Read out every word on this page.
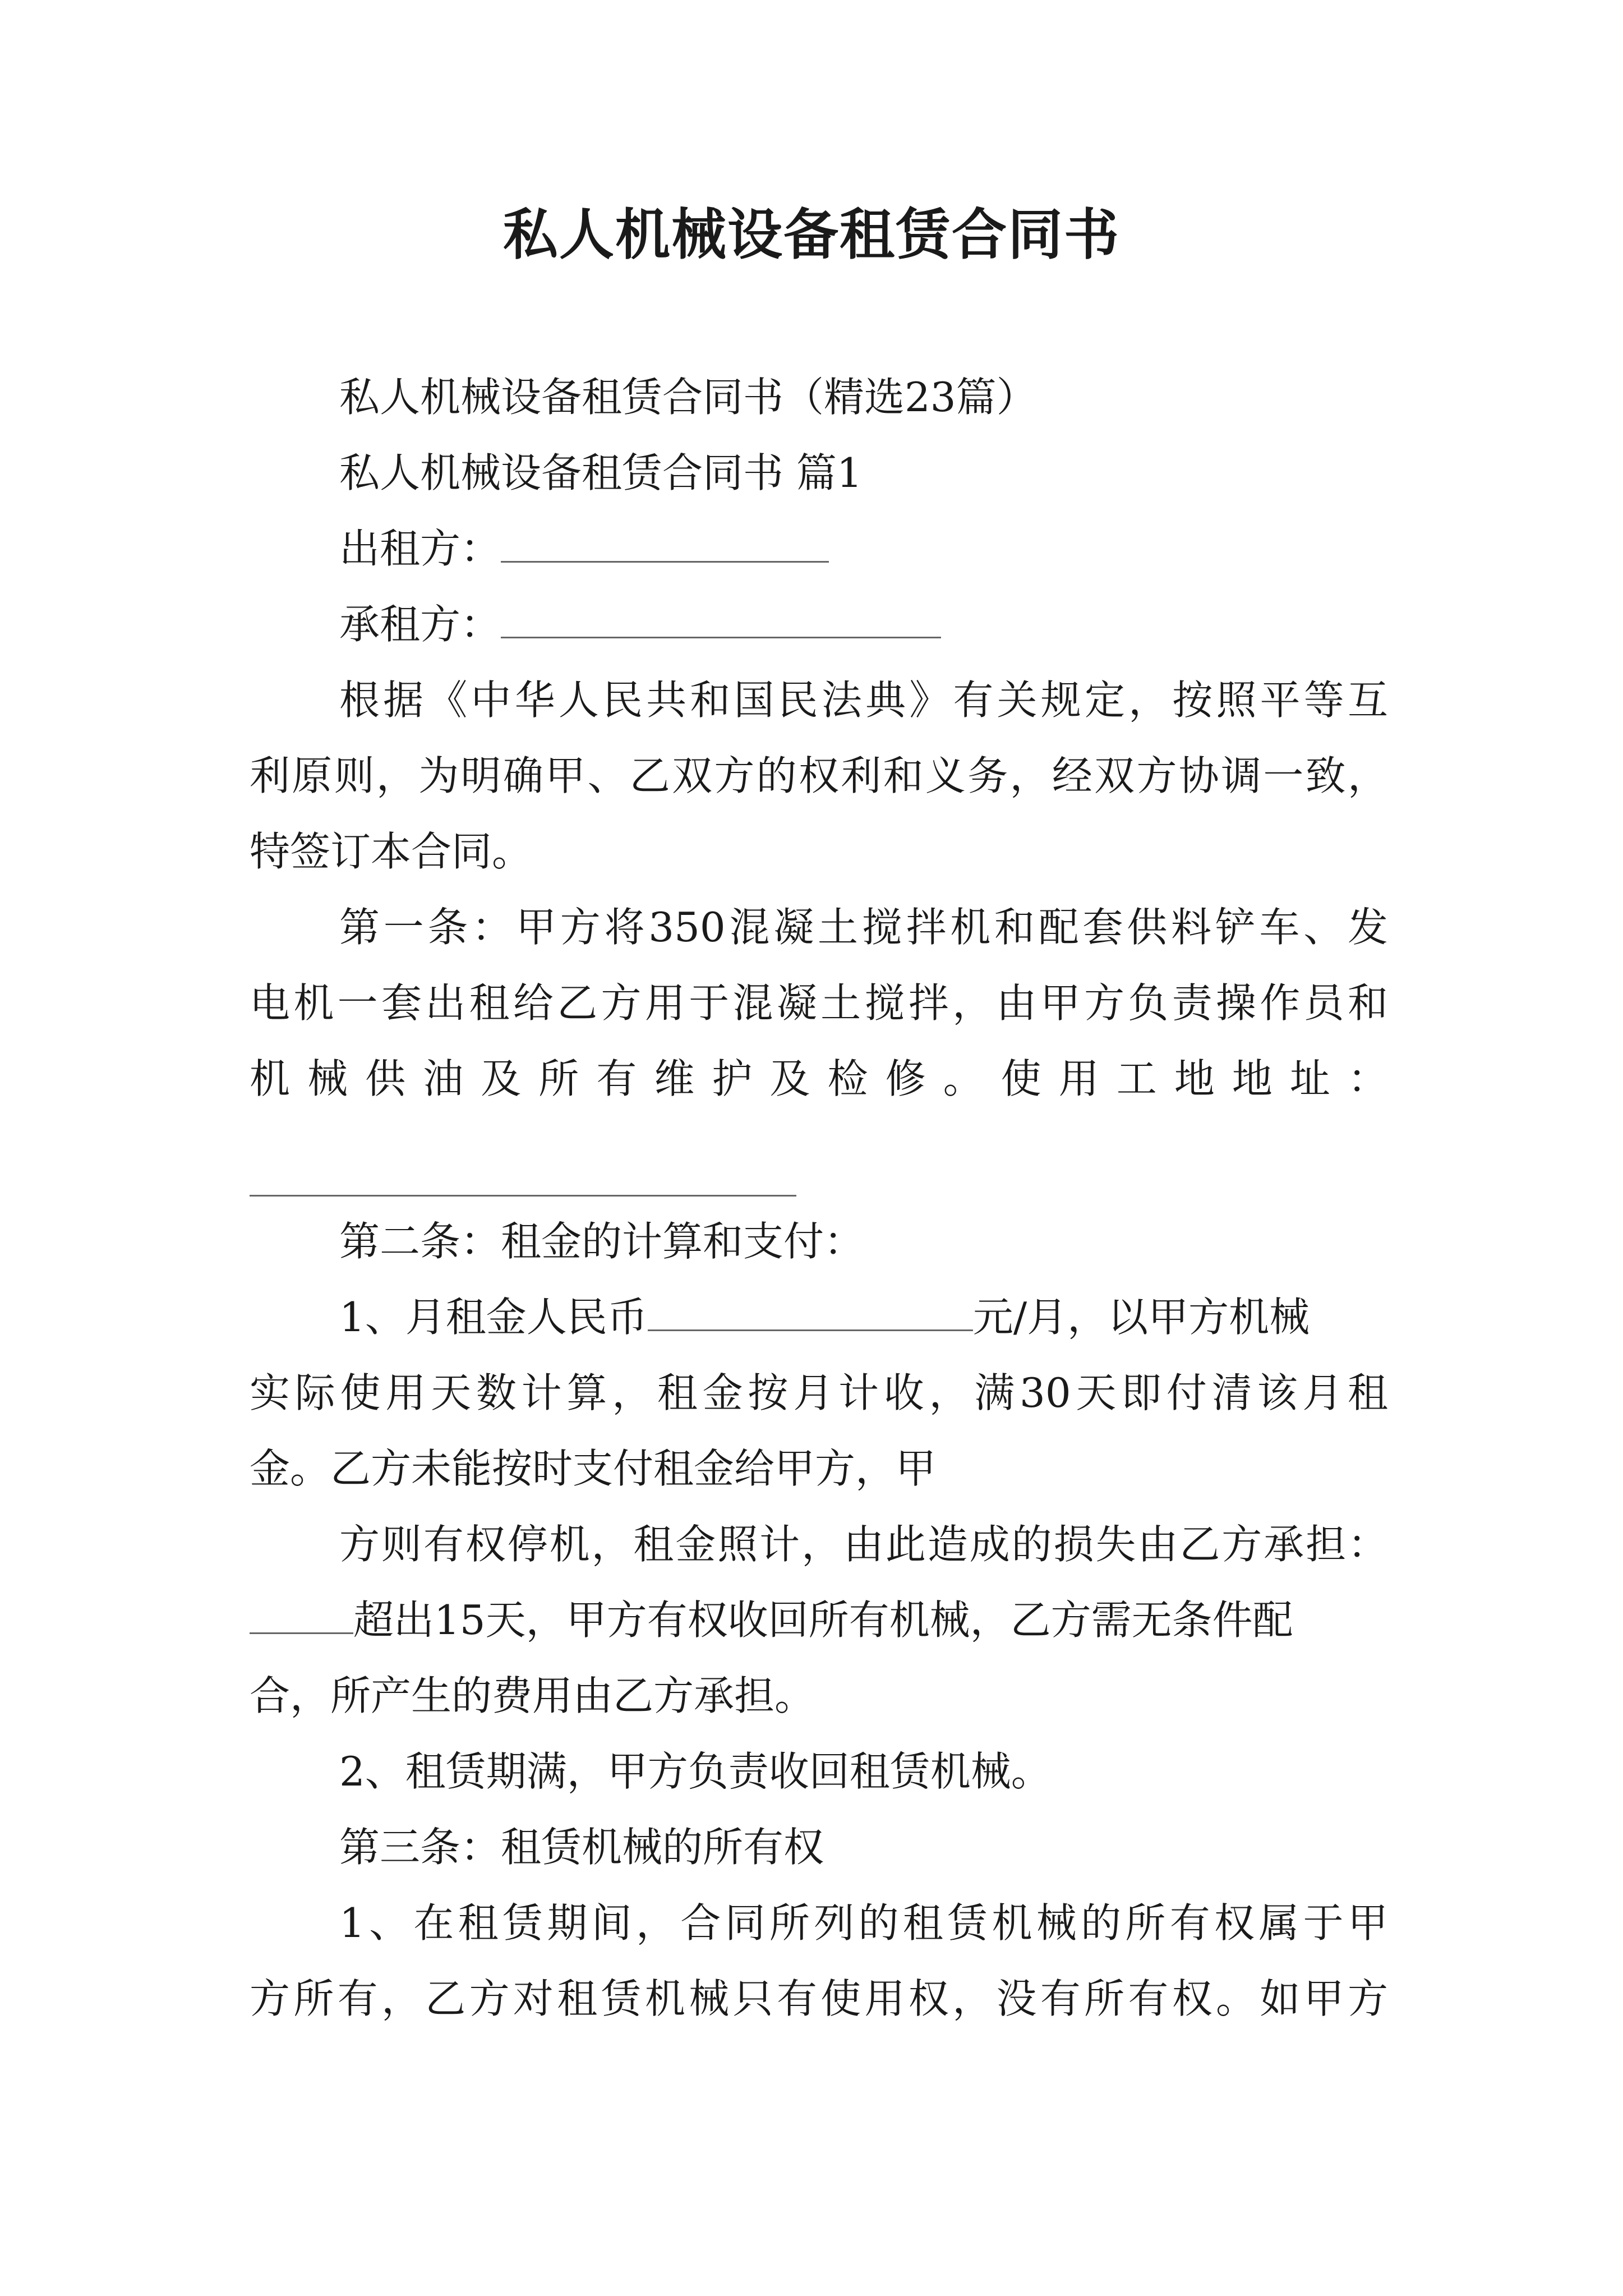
私人机械设备租赁合同书
私人机械设备租赁合同书（精选23篇）
私人机械设备租赁合同书 篇1
出租方：
承租方：
根据《中华人民共和国民法典》有关规定，按照平等互
利原则，为明确甲、乙双方的权利和义务，经双方协调一致，
特签订本合同。
第一条：甲方将350混凝土搅拌机和配套供料铲车、发
电机一套出租给乙方用于混凝土搅拌，由甲方负责操作员和
机 械 供 油 及 所 有 维 护 及 检 修 。 使 用 工 地 地 址 ：
第二条：租金的计算和支付：
1、月租金人民币	元/月，以甲方机械
实际使用天数计算，租金按月计收，满30天即付清该月租
金。乙方未能按时支付租金给甲方，甲
方则有权停机，租金照计，由此造成的损失由乙方承担：
超出15天，甲方有权收回所有机械，乙方需无条件配
合，所产生的费用由乙方承担。
2、租赁期满，甲方负责收回租赁机械。
第三条：租赁机械的所有权
1、在租赁期间，合同所列的租赁机械的所有权属于甲
方所有，乙方对租赁机械只有使用权，没有所有权。如甲方
